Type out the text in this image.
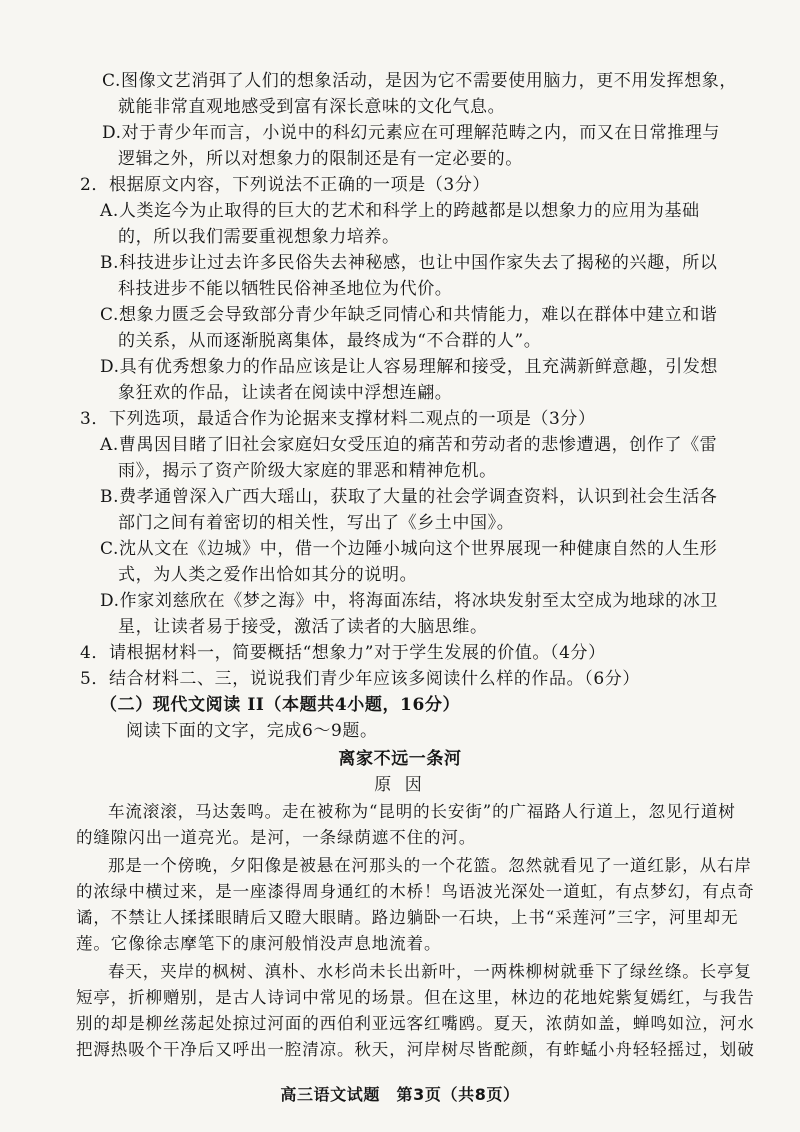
C.图像文艺消弭了人们的想象活动，是因为它不需要使用脑力，更不用发挥想象，
就能非常直观地感受到富有深长意味的文化气息。
D.对于青少年而言，小说中的科幻元素应在可理解范畴之内，而又在日常推理与
逻辑之外，所以对想象力的限制还是有一定必要的。
2．根据原文内容，下列说法不正确的一项是（3分）
A.人类迄今为止取得的巨大的艺术和科学上的跨越都是以想象力的应用为基础
的，所以我们需要重视想象力培养。
B.科技进步让过去许多民俗失去神秘感，也让中国作家失去了揭秘的兴趣，所以
科技进步不能以牺牲民俗神圣地位为代价。
C.想象力匮乏会导致部分青少年缺乏同情心和共情能力，难以在群体中建立和谐
的关系，从而逐渐脱离集体，最终成为“不合群的人”。
D.具有优秀想象力的作品应该是让人容易理解和接受，且充满新鲜意趣，引发想
象狂欢的作品，让读者在阅读中浮想连翩。
3．下列选项，最适合作为论据来支撑材料二观点的一项是（3分）
A.曹禺因目睹了旧社会家庭妇女受压迫的痛苦和劳动者的悲惨遭遇，创作了《雷
雨》，揭示了资产阶级大家庭的罪恶和精神危机。
B.费孝通曾深入广西大瑶山，获取了大量的社会学调查资料，认识到社会生活各
部门之间有着密切的相关性，写出了《乡土中国》。
C.沈从文在《边城》中，借一个边陲小城向这个世界展现一种健康自然的人生形
式，为人类之爱作出恰如其分的说明。
D.作家刘慈欣在《梦之海》中，将海面冻结，将冰块发射至太空成为地球的冰卫
星，让读者易于接受，激活了读者的大脑思维。
4．请根据材料一，简要概括“想象力”对于学生发展的价值。（4分）
5．结合材料二、三，说说我们青少年应该多阅读什么样的作品。（6分）
（二）现代文阅读 II（本题共4小题，16分）
阅读下面的文字，完成6～9题。
离家不远一条河
原 因
车流滚滚，马达轰鸣。走在被称为“昆明的长安街”的广福路人行道上，忽见行道树
的缝隙闪出一道亮光。是河，一条绿荫遮不住的河。
那是一个傍晚，夕阳像是被悬在河那头的一个花篮。忽然就看见了一道红影，从右岸
的浓绿中横过来，是一座漆得周身通红的木桥！鸟语波光深处一道虹，有点梦幻，有点奇
谲，不禁让人揉揉眼睛后又瞪大眼睛。路边躺卧一石块，上书“采莲河”三字，河里却无
莲。它像徐志摩笔下的康河般悄没声息地流着。
春天，夹岸的枫树、滇朴、水杉尚未长出新叶，一两株柳树就垂下了绿丝绦。长亭复
短亭，折柳赠别，是古人诗词中常见的场景。但在这里，林边的花地姹紫复嫣红，与我告
别的却是柳丝荡起处掠过河面的西伯利亚远客红嘴鸥。夏天，浓荫如盖，蝉鸣如泣，河水
把溽热吸个干净后又呼出一腔清凉。秋天，河岸树尽皆酡颜，有蚱蜢小舟轻轻摇过，划破
高三语文试题　第3页（共8页）
